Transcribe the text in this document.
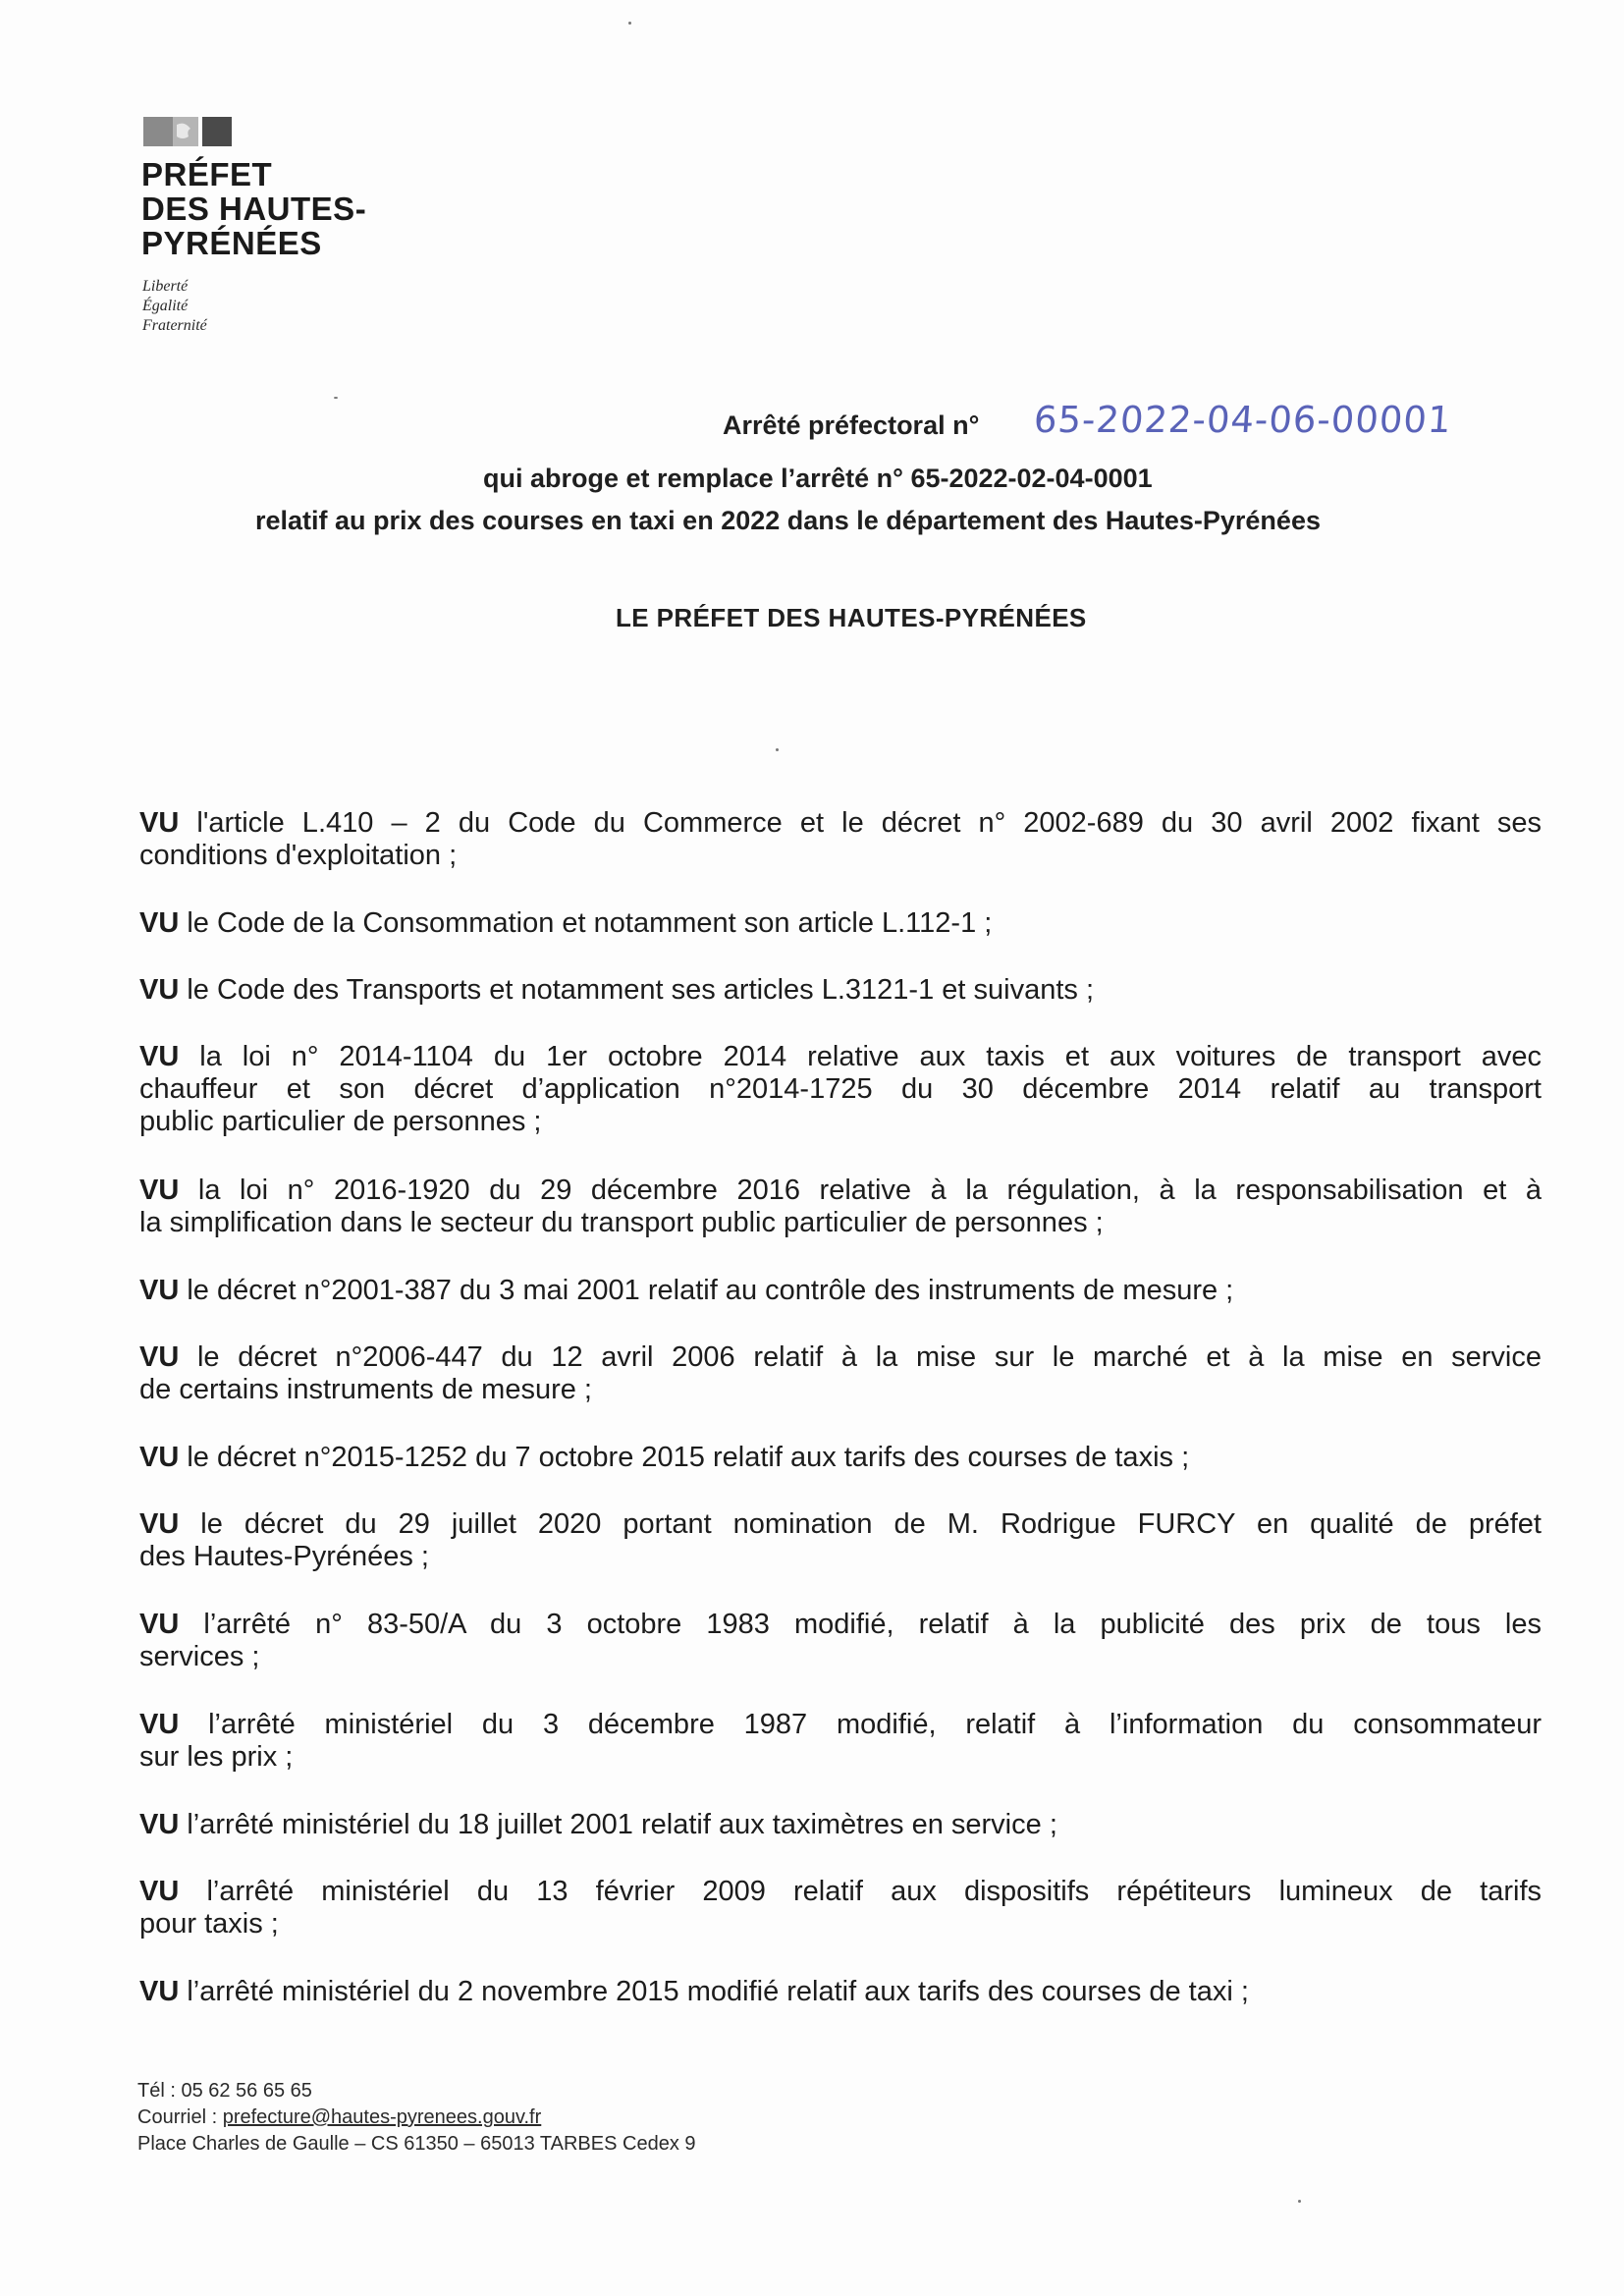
PRÉFET
DES HAUTES-
PYRÉNÉES
Liberté
Égalité
Fraternité
Arrêté préfectoral n° 65-2022-04-06-00001
qui abroge et remplace l’arrêté n° 65-2022-02-04-0001
relatif au prix des courses en taxi en 2022 dans le département des Hautes-Pyrénées
LE PRÉFET DES HAUTES-PYRÉNÉES
VU l'article L.410 – 2 du Code du Commerce et le décret n° 2002-689 du 30 avril 2002 fixant ses
conditions d'exploitation ;
VU le Code de la Consommation et notamment son article L.112-1 ;
VU le Code des Transports et notamment ses articles L.3121-1 et suivants ;
VU la loi n° 2014-1104 du 1er octobre 2014 relative aux taxis et aux voitures de transport avec
chauffeur et son décret d’application n°2014-1725 du 30 décembre 2014 relatif au transport
public particulier de personnes ;
VU la loi n° 2016-1920 du 29 décembre 2016 relative à la régulation, à la responsabilisation et à
la simplification dans le secteur du transport public particulier de personnes ;
VU le décret n°2001-387 du 3 mai 2001 relatif au contrôle des instruments de mesure ;
VU le décret n°2006-447 du 12 avril 2006 relatif à la mise sur le marché et à la mise en service
de certains instruments de mesure ;
VU le décret n°2015-1252 du 7 octobre 2015 relatif aux tarifs des courses de taxis ;
VU le décret du 29 juillet 2020 portant nomination de M. Rodrigue FURCY en qualité de préfet
des Hautes-Pyrénées ;
VU l’arrêté n° 83-50/A du 3 octobre 1983 modifié, relatif à la publicité des prix de tous les
services ;
VU l’arrêté ministériel du 3 décembre 1987 modifié, relatif à l’information du consommateur
sur les prix ;
VU l’arrêté ministériel du 18 juillet 2001 relatif aux taximètres en service ;
VU l’arrêté ministériel du 13 février 2009 relatif aux dispositifs répétiteurs lumineux de tarifs
pour taxis ;
VU l’arrêté ministériel du 2 novembre 2015 modifié relatif aux tarifs des courses de taxi ;
Tél : 05 62 56 65 65
Courriel : prefecture@hautes-pyrenees.gouv.fr
Place Charles de Gaulle – CS 61350 – 65013 TARBES Cedex 9
